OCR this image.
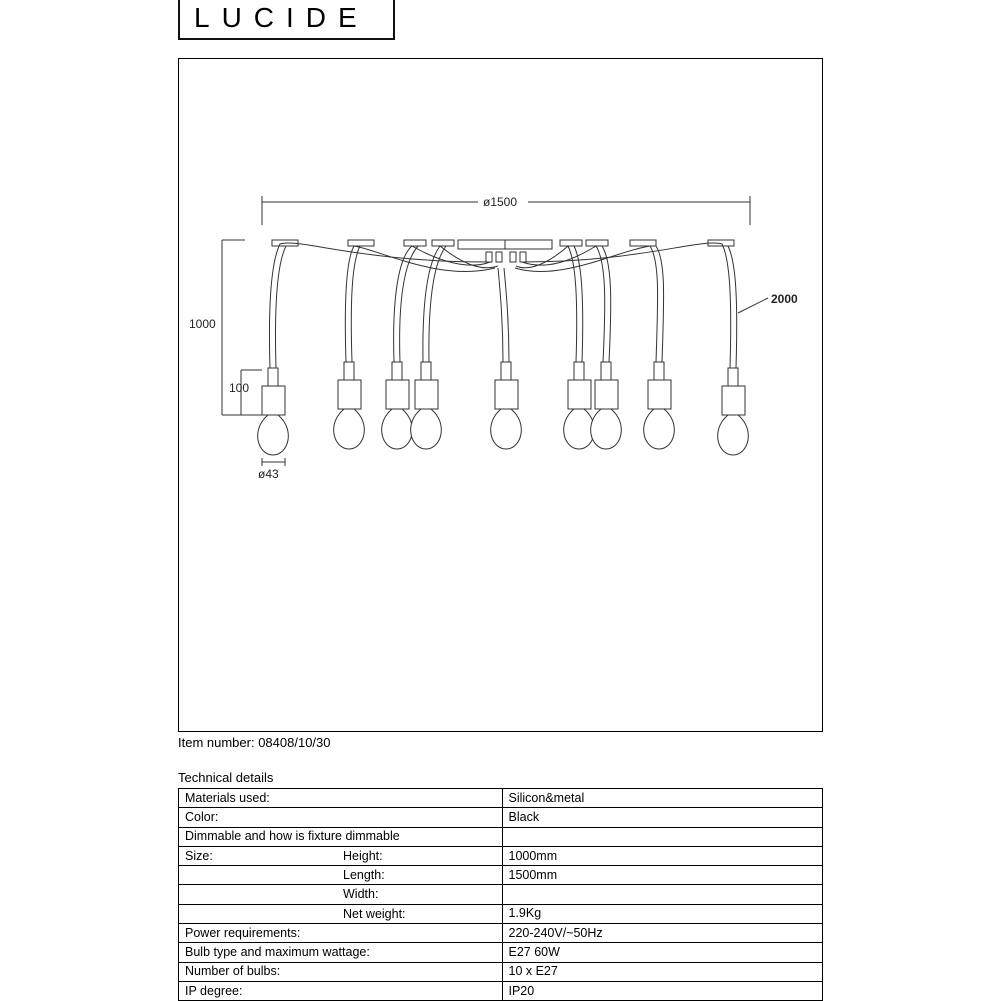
LUCIDE
ø1500
2000
1000
100
ø43
Item number: 08408/10/30
Technical details
Materials used:	Silicon&metal
Color:	Black
Dimmable and how is fixture dimmable

Size: Height:	1000mm

Length:	1500mm

Width:	

Net weight:	1.9Kg
Power requirements:	220-240V/~50Hz
Bulb type and maximum wattage:	E27 60W
Number of bulbs:	10 x E27
IP degree:	IP20
